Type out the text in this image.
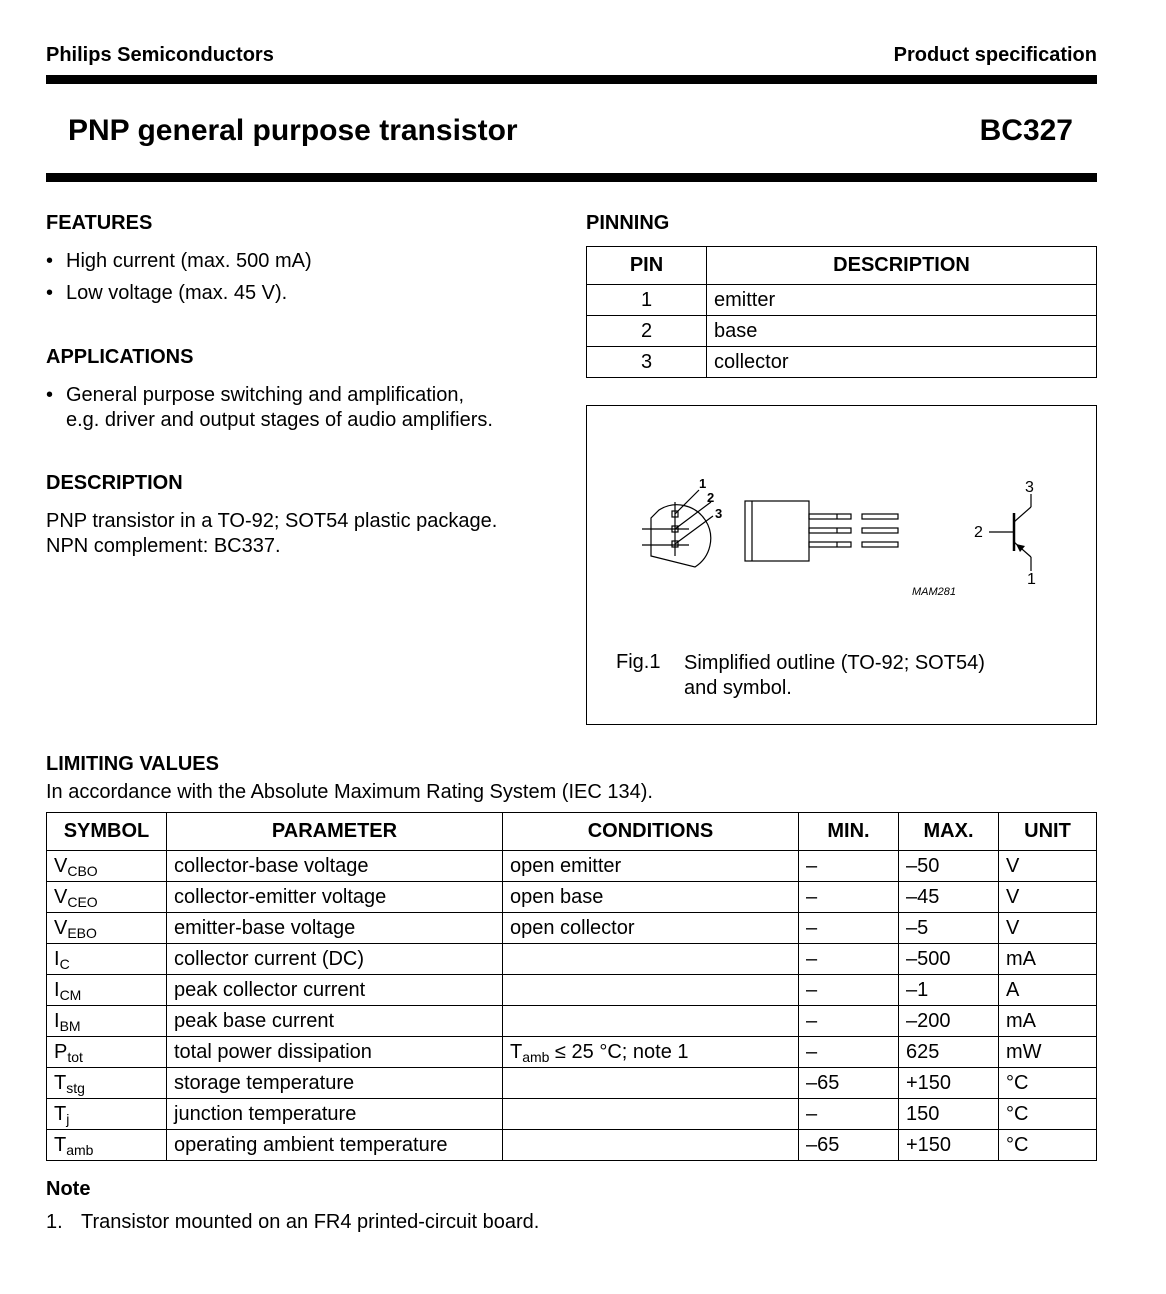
Philips Semiconductors	Product specification
PNP general purpose transistor	BC327
FEATURES
• High current (max. 500 mA)
• Low voltage (max. 45 V).
APPLICATIONS
• General purpose switching and amplification,
e.g. driver and output stages of audio amplifiers.
DESCRIPTION
PNP transistor in a TO-92; SOT54 plastic package.
NPN complement: BC337.
PINNING
PIN	DESCRIPTION
1	emitter
2	base
3	collector
1
2
3
3
2
1
MAM281
Fig.1 Simplified outline (TO-92; SOT54)
and symbol.
LIMITING VALUES
In accordance with the Absolute Maximum Rating System (IEC 134).
SYMBOL	PARAMETER	CONDITIONS	MIN.	MAX.	UNIT
$V_{CBO}$	collector-base voltage	open emitter	–	–50	V
$V_{CEO}$	collector-emitter voltage	open base	–	–45	V
$V_{EBO}$	emitter-base voltage	open collector	–	–5	V
$I_C$	collector current (DC)		–	–500	mA
$I_{CM}$	peak collector current		–	–1	A
$I_{BM}$	peak base current		–	–200	mA
$P_{tot}$	total power dissipation	$T_{amb} \le 25$ °C; note 1	–	625	mW
$T_{stg}$	storage temperature		–65	+150	°C
$T_j$	junction temperature		–	150	°C
$T_{amb}$	operating ambient temperature		–65	+150	°C
Note
1. Transistor mounted on an FR4 printed-circuit board.
